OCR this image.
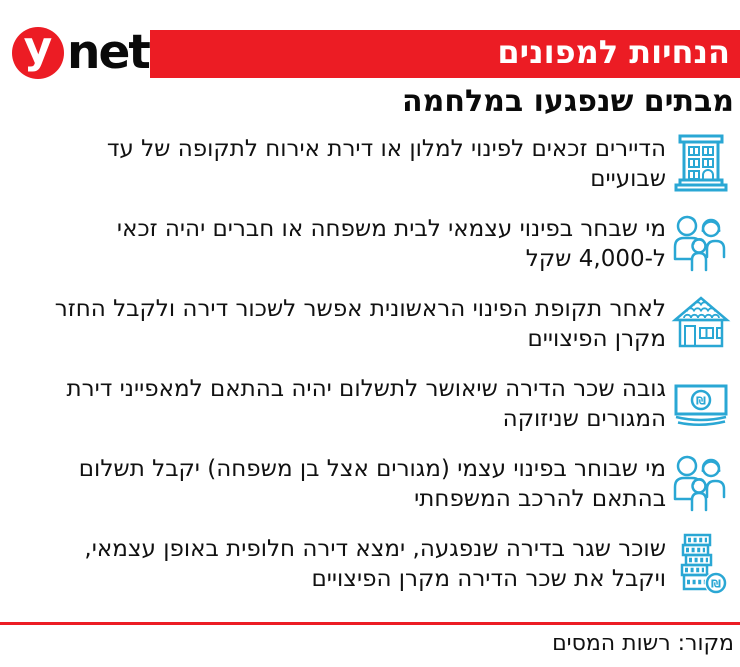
y net	הנחיות למפונים
מבתים שנפגעו במלחמה
הדיירים זכאים לפינוי למלון או דירת אירוח לתקופה של עד שבועיים
מי שבחר בפינוי עצמאי לבית משפחה או חברים יהיה זכאי ל-4,000 שקל
לאחר תקופת הפינוי הראשונית אפשר לשכור דירה ולקבל החזר מקרן הפיצויים
₪
גובה שכר הדירה שיאושר לתשלום יהיה בהתאם למאפייני דירת המגורים שניזוקה
מי שבוחר בפינוי עצמי (מגורים אצל בן משפחה) יקבל תשלום בהתאם להרכב המשפחתי
₪
שוכר שגר בדירה שנפגעה, ימצא דירה חלופית באופן עצמאי, ויקבל את שכר הדירה מקרן הפיצויים
מקור: רשות המסים
